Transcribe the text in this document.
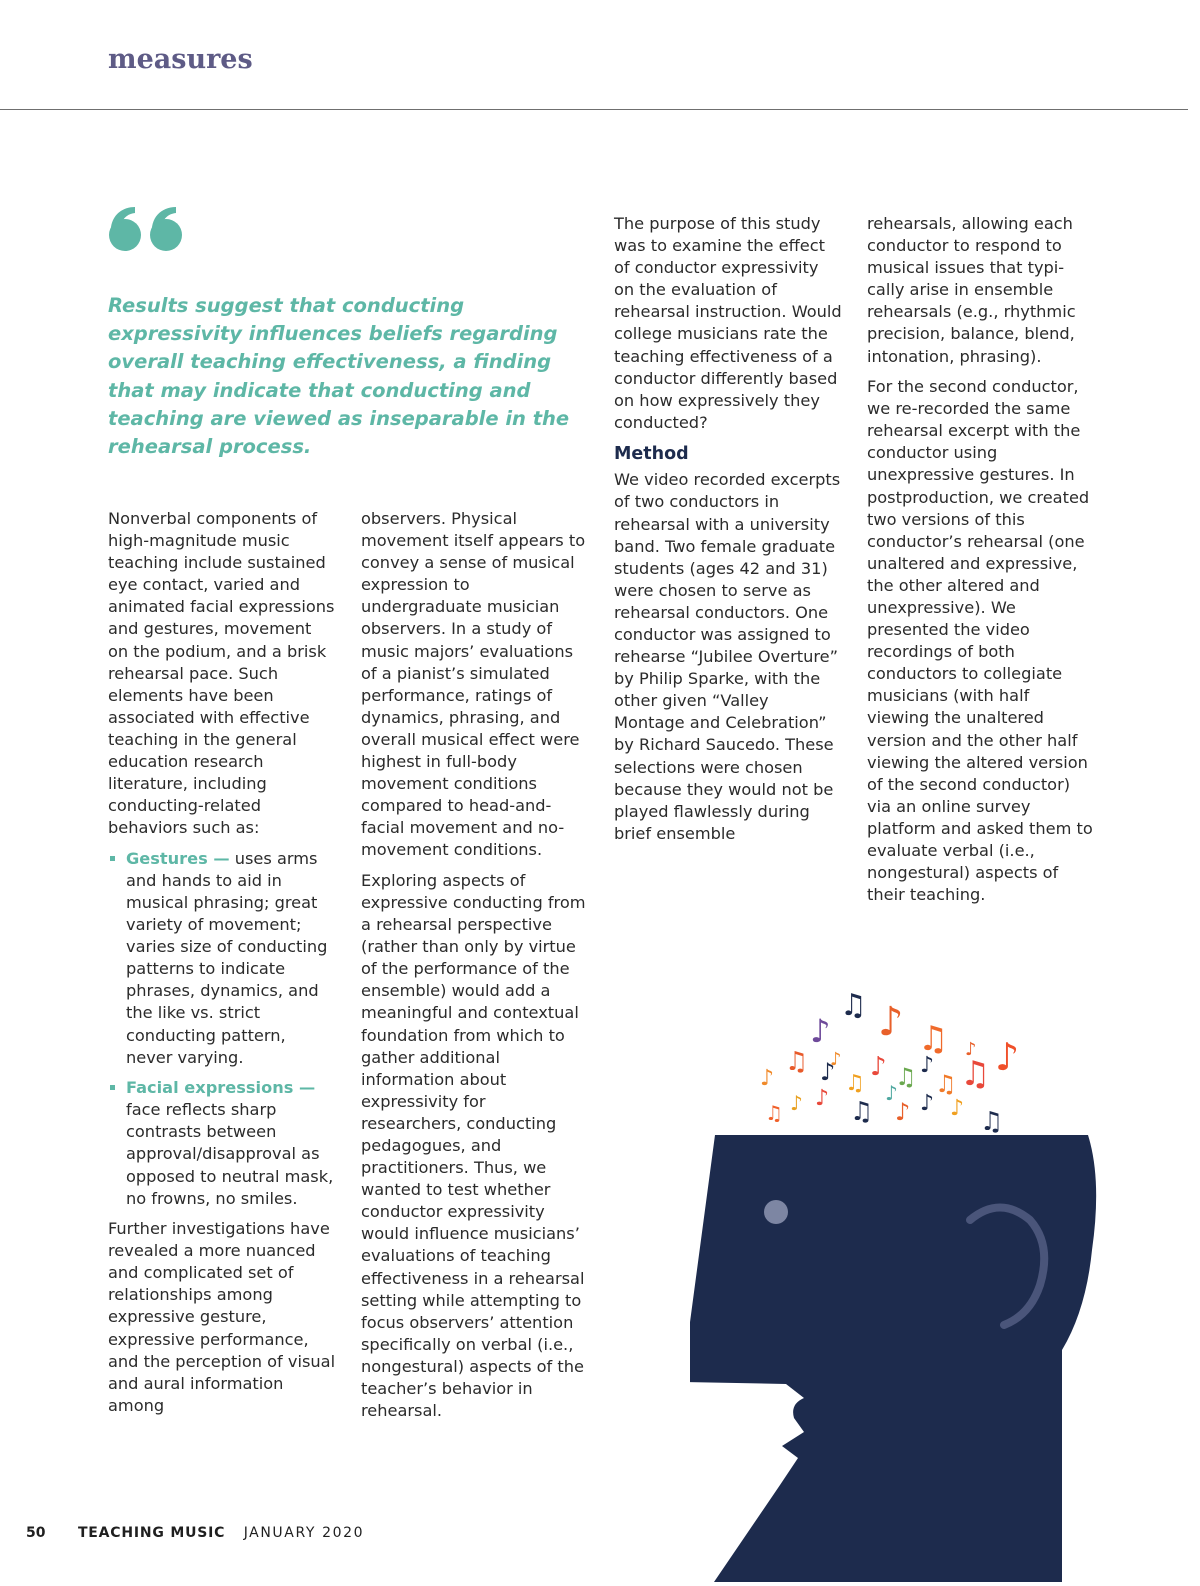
measures
Results suggest that conducting expressivity influences beliefs regarding overall teaching effectiveness, a finding that may indicate that conducting and teaching are viewed as inseparable in the rehearsal process.

Nonverbal components of high-magnitude music teaching include sustained eye contact, varied and animated facial expressions and gestures, movement on the podium, and a brisk rehearsal pace. Such elements have been associated with effective teaching in the general education research literature, including conducting-related behaviors such as:

Gestures — uses arms and hands to aid in musical phrasing; great variety of movement; varies size of conducting patterns to indicate phrases, dynamics, and the like vs. strict conducting pattern, never varying.
Facial expressions — face reflects sharp contrasts between approval/disapproval as opposed to neutral mask, no frowns, no smiles.

Further investigations have revealed a more nuanced and complicated set of relationships among expressive gesture, expressive performance, and the perception of visual and aural information among

observers. Physical movement itself appears to convey a sense of musical expression to undergraduate musician observers. In a study of music majors’ evaluations of a pianist’s simulated performance, ratings of dynamics, phrasing, and overall musical effect were highest in full-body movement conditions compared to head-and-facial movement and no-movement conditions.

Exploring aspects of expressive conducting from a rehearsal perspective (rather than only by virtue of the performance of the ensemble) would add a meaningful and contextual foundation from which to gather additional information about expressivity for researchers, conducting pedagogues, and practitioners. Thus, we wanted to test whether conductor expressivity would influence musicians’ evaluations of teaching effectiveness in a rehearsal setting while attempting to focus observers’ attention specifically on verbal (i.e., nongestural) aspects of the teacher’s behavior in rehearsal.

The purpose of this study was to examine the effect of conductor expressivity on the evaluation of rehearsal instruction. Would college musicians rate the teaching effectiveness of a conductor differently based on how expressively they conducted?

Method

We video recorded excerpts of two conductors in rehearsal with a university band. Two female graduate students (ages 42 and 31) were chosen to serve as rehearsal conductors. One conductor was assigned to rehearse “Jubilee Overture” by Philip Sparke, with the other given “Valley Montage and Celebration” by Richard Saucedo. These selections were chosen because they would not be played flawlessly during brief ensemble

rehearsals, allowing each conductor to respond to musical issues that typi-cally arise in ensemble rehearsals (e.g., rhythmic precision, balance, blend, intonation, phrasing).

For the second conductor, we re-recorded the same rehearsal excerpt with the conductor using unexpressive gestures. In postproduction, we created two versions of this conductor’s rehearsal (one unaltered and expressive, the other altered and unexpressive). We presented the video recordings of both conductors to collegiate musicians (with half viewing the unaltered version and the other half viewing the altered version of the second conductor) via an online survey platform and asked them to evaluate verbal (i.e., nongestural) aspects of their teaching.

♫ ♪ ♫
♪
♫ ♪
♪
♫ ♪ ♫
♪ ♫ ♪
♫
♫ ♪
♫ ♪ ♪	♪ ♪ ♫
♪
♪	♪
50 TEACHING MUSIC JANUARY 2020
